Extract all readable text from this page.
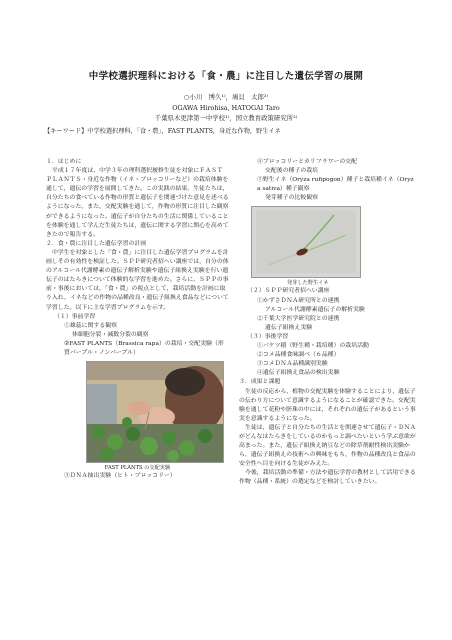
中学校選択理科における「食・農」に注目した遺伝学習の展開
○小川　博久¹⁾，鳩貝　太郎²⁾
OGAWA Hirohisa, HATOGAI Taro
千葉県木更津第一中学校¹⁾，国立教育政策研究所²⁾
【キーワード】中学校選択理科，「食・農」，FAST PLANTS，身近な作物，野生イネ
１．はじめに
平成１７年度は，中学３年の理科選択履修生徒を対象にＦＡＳＴ ＰＬＡＮＴＳ・身近な作物（イネ・ブロッコリーなど）の栽培体験を通して，遺伝の学習を展開してきた。この実践の結果，生徒たちは，自分たちの食べている作物の形質と遺伝子を関連づけた意見を述べるようになった。また，交配実験を通して，作物の形質に注目した観察ができるようになった。遺伝子が自分たちの生活に関係していることを体験を通して学んだ生徒たちは，遺伝に関する学習に関心を高めてきたので報告する。
２．食・農に注目した遺伝学習の計画
中学生を対象とした「食・農」に注目した遺伝学習プログラムを計画しその有効性を検証した。ＳＰＰ研究者招へい講座では，自分の体のアルコール代謝酵素の遺伝子解析実験や遺伝子組換え実験を行い遺伝子のはたらきについて体験的な学習を進めた。さらに，ＳＰＰの事前・事後においては，「食・農」の視点として，栽培活動を計画に取り入れ，イネなどの作物の品種改良・遺伝子組換え食品などについて学習した。以下に主な学習プログラムを示す。
（１）事前学習
①雄蕊に関する観察
体細胞分裂・減数分裂の観察
②FAST PLANTS（Brassica rapa）の栽培・交配実験（形質パープル・ノンパープル）
FAST PLANTS の交配実験
③ＤＮＡ抽出実験（ヒト・ブロッコリー）
④ブロッコリーとカリフラワーの交配
交配後の種子の栽培
⑤野生イネ（Oryza rufipogon）種子と栽培種イネ（Oryza sativa）種子観察
発芽種子の比較観察
発芽した野生イネ
（２）ＳＰＰ研究者招へい講座
①かずさＤＮＡ研究所との連携
アルコール代謝酵素遺伝子の解析実験
②千葉大学医学研究院との連携
遺伝子組換え実験
（３）事後学習
①バケツ稲（野生種・栽培種）の栽培活動
②コメ品種食味調べ（６品種）
③コメＤＮＡ品種識別実験
④遺伝子組換え食品の検出実験
３．成果と課題
生徒の反応から，植物の交配実験を体験することにより，遺伝子の伝わり方について意識するようになることが確認できた。交配実験を通して花粉や胚珠の中には，それぞれの遺伝子があるという事実を意識するようになった。
生徒は，遺伝子と自分たちの生活とを関連させて遺伝子・ＤＮＡがどんなはたらきをしているのかもっと調べたいという学ぶ意欲が高まった。また，遺伝子組換え納豆などの除草剤耐性検出実験から，遺伝子組換えの技術への興味をもち，作物の品種改良と食品の安全性へ目を向ける生徒がみえた。
今後，栽培活動の準備・方法や遺伝学習の教材として活用できる作物（品種・系統）の選定などを検討していきたい。
